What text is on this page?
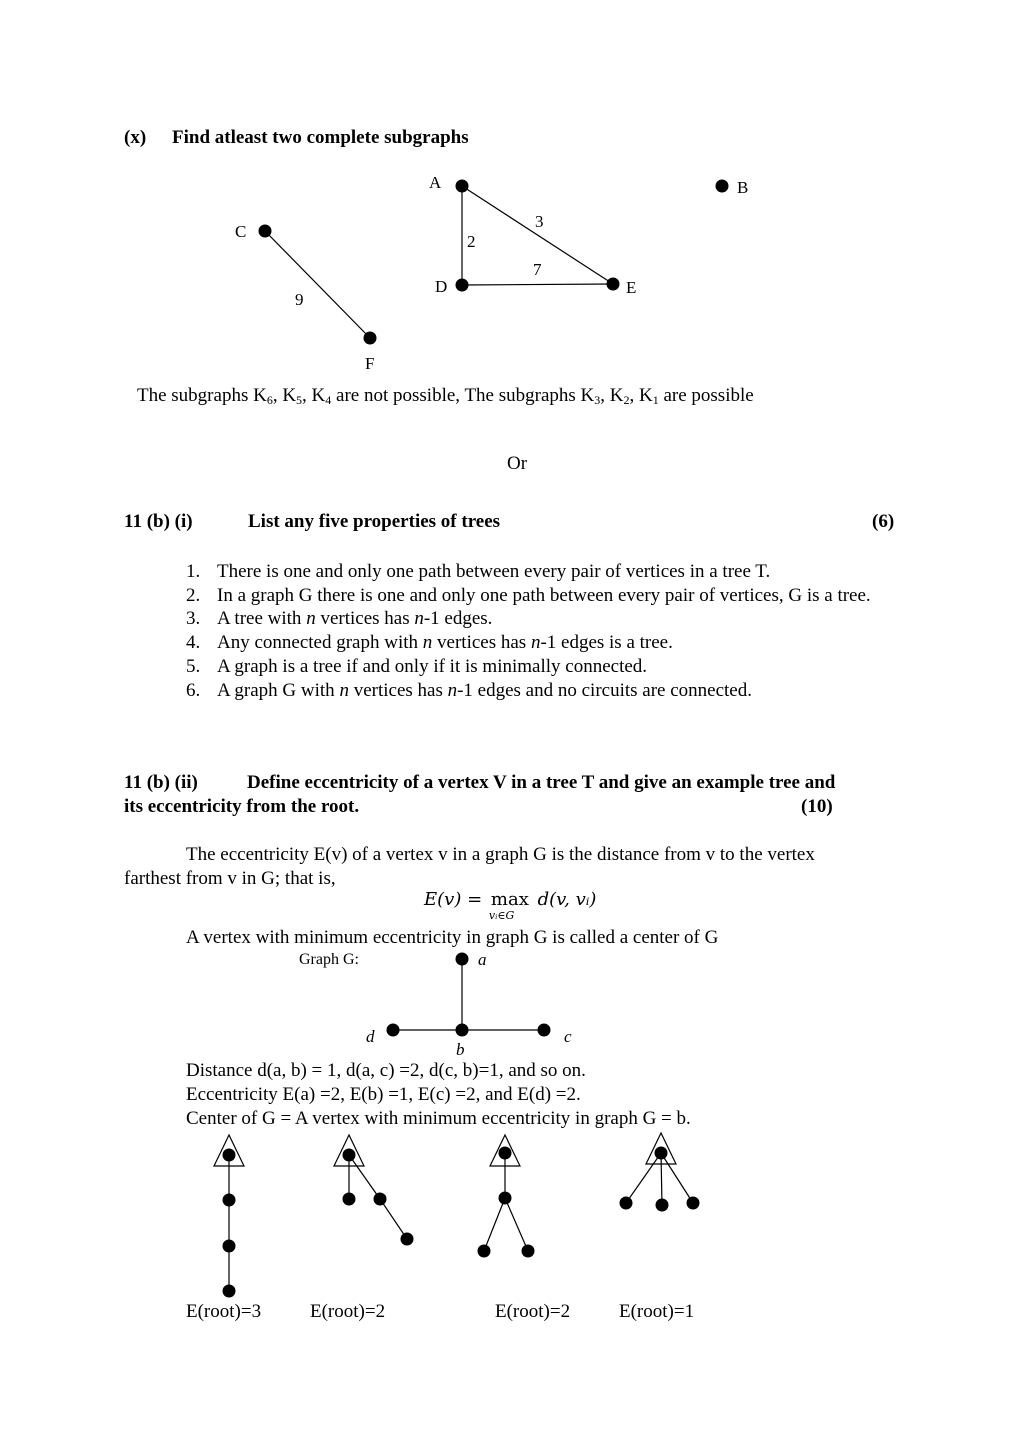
(x) Find atleast two complete subgraphs
A	B
C
D	E
F
3
2
7
9
a
b
c
d
The subgraphs $K_6$, $K_5$, $K_4$ are not possible, The subgraphs $K_3$, $K_2$, $K_1$ are possible
Or
11 (b) (i)	List any five properties of trees	(6)
1. There is one and only one path between every pair of vertices in a tree T.
2. In a graph G there is one and only one path between every pair of vertices, G is a tree.
3. A tree with n vertices has n-1 edges.
4. Any connected graph with n vertices has n-1 edges is a tree.
5. A graph is a tree if and only if it is minimally connected.
6. A graph G with n vertices has n-1 edges and no circuits are connected.
11 (b) (ii)	Define eccentricity of a vertex V in a tree T and give an example tree and
its eccentricity from the root.	(10)
The eccentricity E(v) of a vertex v in a graph G is the distance from v to the vertex
farthest from v in G; that is,
E(v) = max
vᵢ∈G
d(v, vᵢ)
A vertex with minimum eccentricity in graph G is called a center of G
Graph G:
Distance d(a, b) = 1, d(a, c) =2, d(c, b)=1, and so on.
Eccentricity E(a) =2, E(b) =1, E(c) =2, and E(d) =2.
Center of G = A vertex with minimum eccentricity in graph G = b.
E(root)=3	E(root)=2	E(root)=2	E(root)=1
